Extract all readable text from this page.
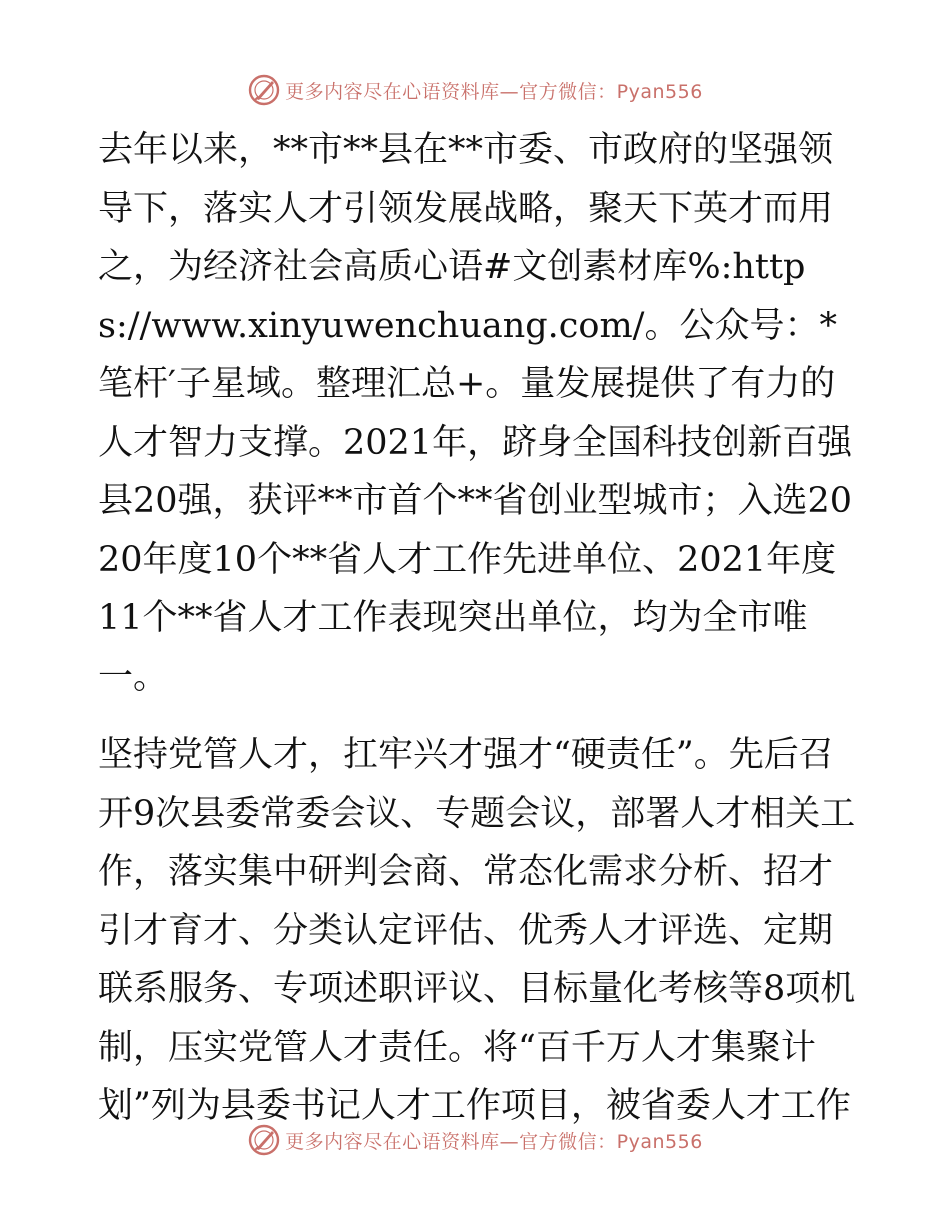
更多内容尽在心语资料库—官方微信：Pyan556

去年以来，**市**县在**市委、市政府的坚强领导下，落实人才引领发展战略，聚天下英才而用之，为经济社会高质心语#文创素材库%:https://www.xinyuwenchuang.com/。公众号：*笔杆′子星域。整理汇总+。量发展提供了有力的人才智力支撑。2021年，跻身全国科技创新百强县20强，获评**市首个**省创业型城市；入选2020年度10个**省人才工作先进单位、2021年度11个**省人才工作表现突出单位，均为全市唯一。

坚持党管人才，扛牢兴才强才“硬责任”。先后召开9次县委常委会议、专题会议，部署人才相关工作，落实集中研判会商、常态化需求分析、招才引才育才、分类认定评估、优秀人才评选、定期联系服务、专项述职评议、目标量化考核等8项机制，压实党管人才责任。将“百千万人才集聚计划”列为县委书记人才工作项目，被省委人才工作

更多内容尽在心语资料库—官方微信：Pyan556
